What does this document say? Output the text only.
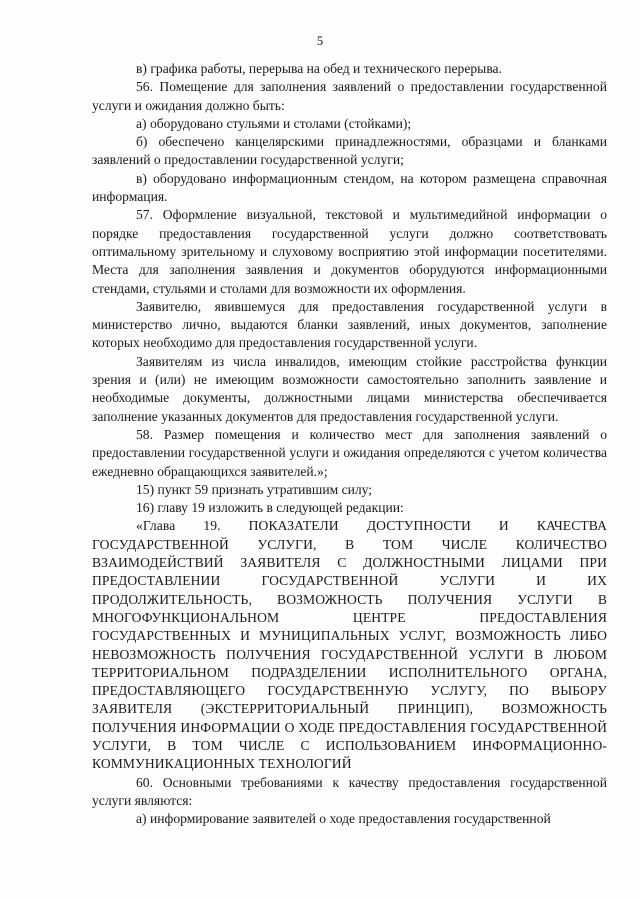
5

в) графика работы, перерыва на обед и технического перерыва.

56. Помещение для заполнения заявлений о предоставлении государственной услуги и ожидания должно быть:

а) оборудовано стульями и столами (стойками);

б) обеспечено канцелярскими принадлежностями, образцами и бланками заявлений о предоставлении государственной услуги;

в) оборудовано информационным стендом, на котором размещена справочная информация.

57. Оформление визуальной, текстовой и мультимедийной информации о порядке предоставления государственной услуги должно соответствовать оптимальному зрительному и слуховому восприятию этой информации посетителями. Места для заполнения заявления и документов оборудуются информационными стендами, стульями и столами для возможности их оформления.

Заявителю, явившемуся для предоставления государственной услуги в министерство лично, выдаются бланки заявлений, иных документов, заполнение которых необходимо для предоставления государственной услуги.

Заявителям из числа инвалидов, имеющим стойкие расстройства функции зрения и (или) не имеющим возможности самостоятельно заполнить заявление и необходимые документы, должностными лицами министерства обеспечивается заполнение указанных документов для предоставления государственной услуги.

58. Размер помещения и количество мест для заполнения заявлений о предоставлении государственной услуги и ожидания определяются с учетом количества ежедневно обращающихся заявителей.»;

15) пункт 59 признать утратившим силу;

16) главу 19 изложить в следующей редакции:

«Глава 19. ПОКАЗАТЕЛИ ДОСТУПНОСТИ И КАЧЕСТВА ГОСУДАРСТВЕННОЙ УСЛУГИ, В ТОМ ЧИСЛЕ КОЛИЧЕСТВО ВЗАИМОДЕЙСТВИЙ ЗАЯВИТЕЛЯ С ДОЛЖНОСТНЫМИ ЛИЦАМИ ПРИ ПРЕДОСТАВЛЕНИИ ГОСУДАРСТВЕННОЙ УСЛУГИ И ИХ ПРОДОЛЖИТЕЛЬНОСТЬ, ВОЗМОЖНОСТЬ ПОЛУЧЕНИЯ УСЛУГИ В МНОГОФУНКЦИОНАЛЬНОМ ЦЕНТРЕ ПРЕДОСТАВЛЕНИЯ ГОСУДАРСТВЕННЫХ И МУНИЦИПАЛЬНЫХ УСЛУГ, ВОЗМОЖНОСТЬ ЛИБО НЕВОЗМОЖНОСТЬ ПОЛУЧЕНИЯ ГОСУДАРСТВЕННОЙ УСЛУГИ В ЛЮБОМ ТЕРРИТОРИАЛЬНОМ ПОДРАЗДЕЛЕНИИ ИСПОЛНИТЕЛЬНОГО ОРГАНА, ПРЕДОСТАВЛЯЮЩЕГО ГОСУДАРСТВЕННУЮ УСЛУГУ, ПО ВЫБОРУ ЗАЯВИТЕЛЯ (ЭКСТЕРРИТОРИАЛЬНЫЙ ПРИНЦИП), ВОЗМОЖНОСТЬ ПОЛУЧЕНИЯ ИНФОРМАЦИИ О ХОДЕ ПРЕДОСТАВЛЕНИЯ ГОСУДАРСТВЕННОЙ УСЛУГИ, В ТОМ ЧИСЛЕ С ИСПОЛЬЗОВАНИЕМ ИНФОРМАЦИОННО-КОММУНИКАЦИОННЫХ ТЕХНОЛОГИЙ

60. Основными требованиями к качеству предоставления государственной услуги являются:

а) информирование заявителей о ходе предоставления государственной
